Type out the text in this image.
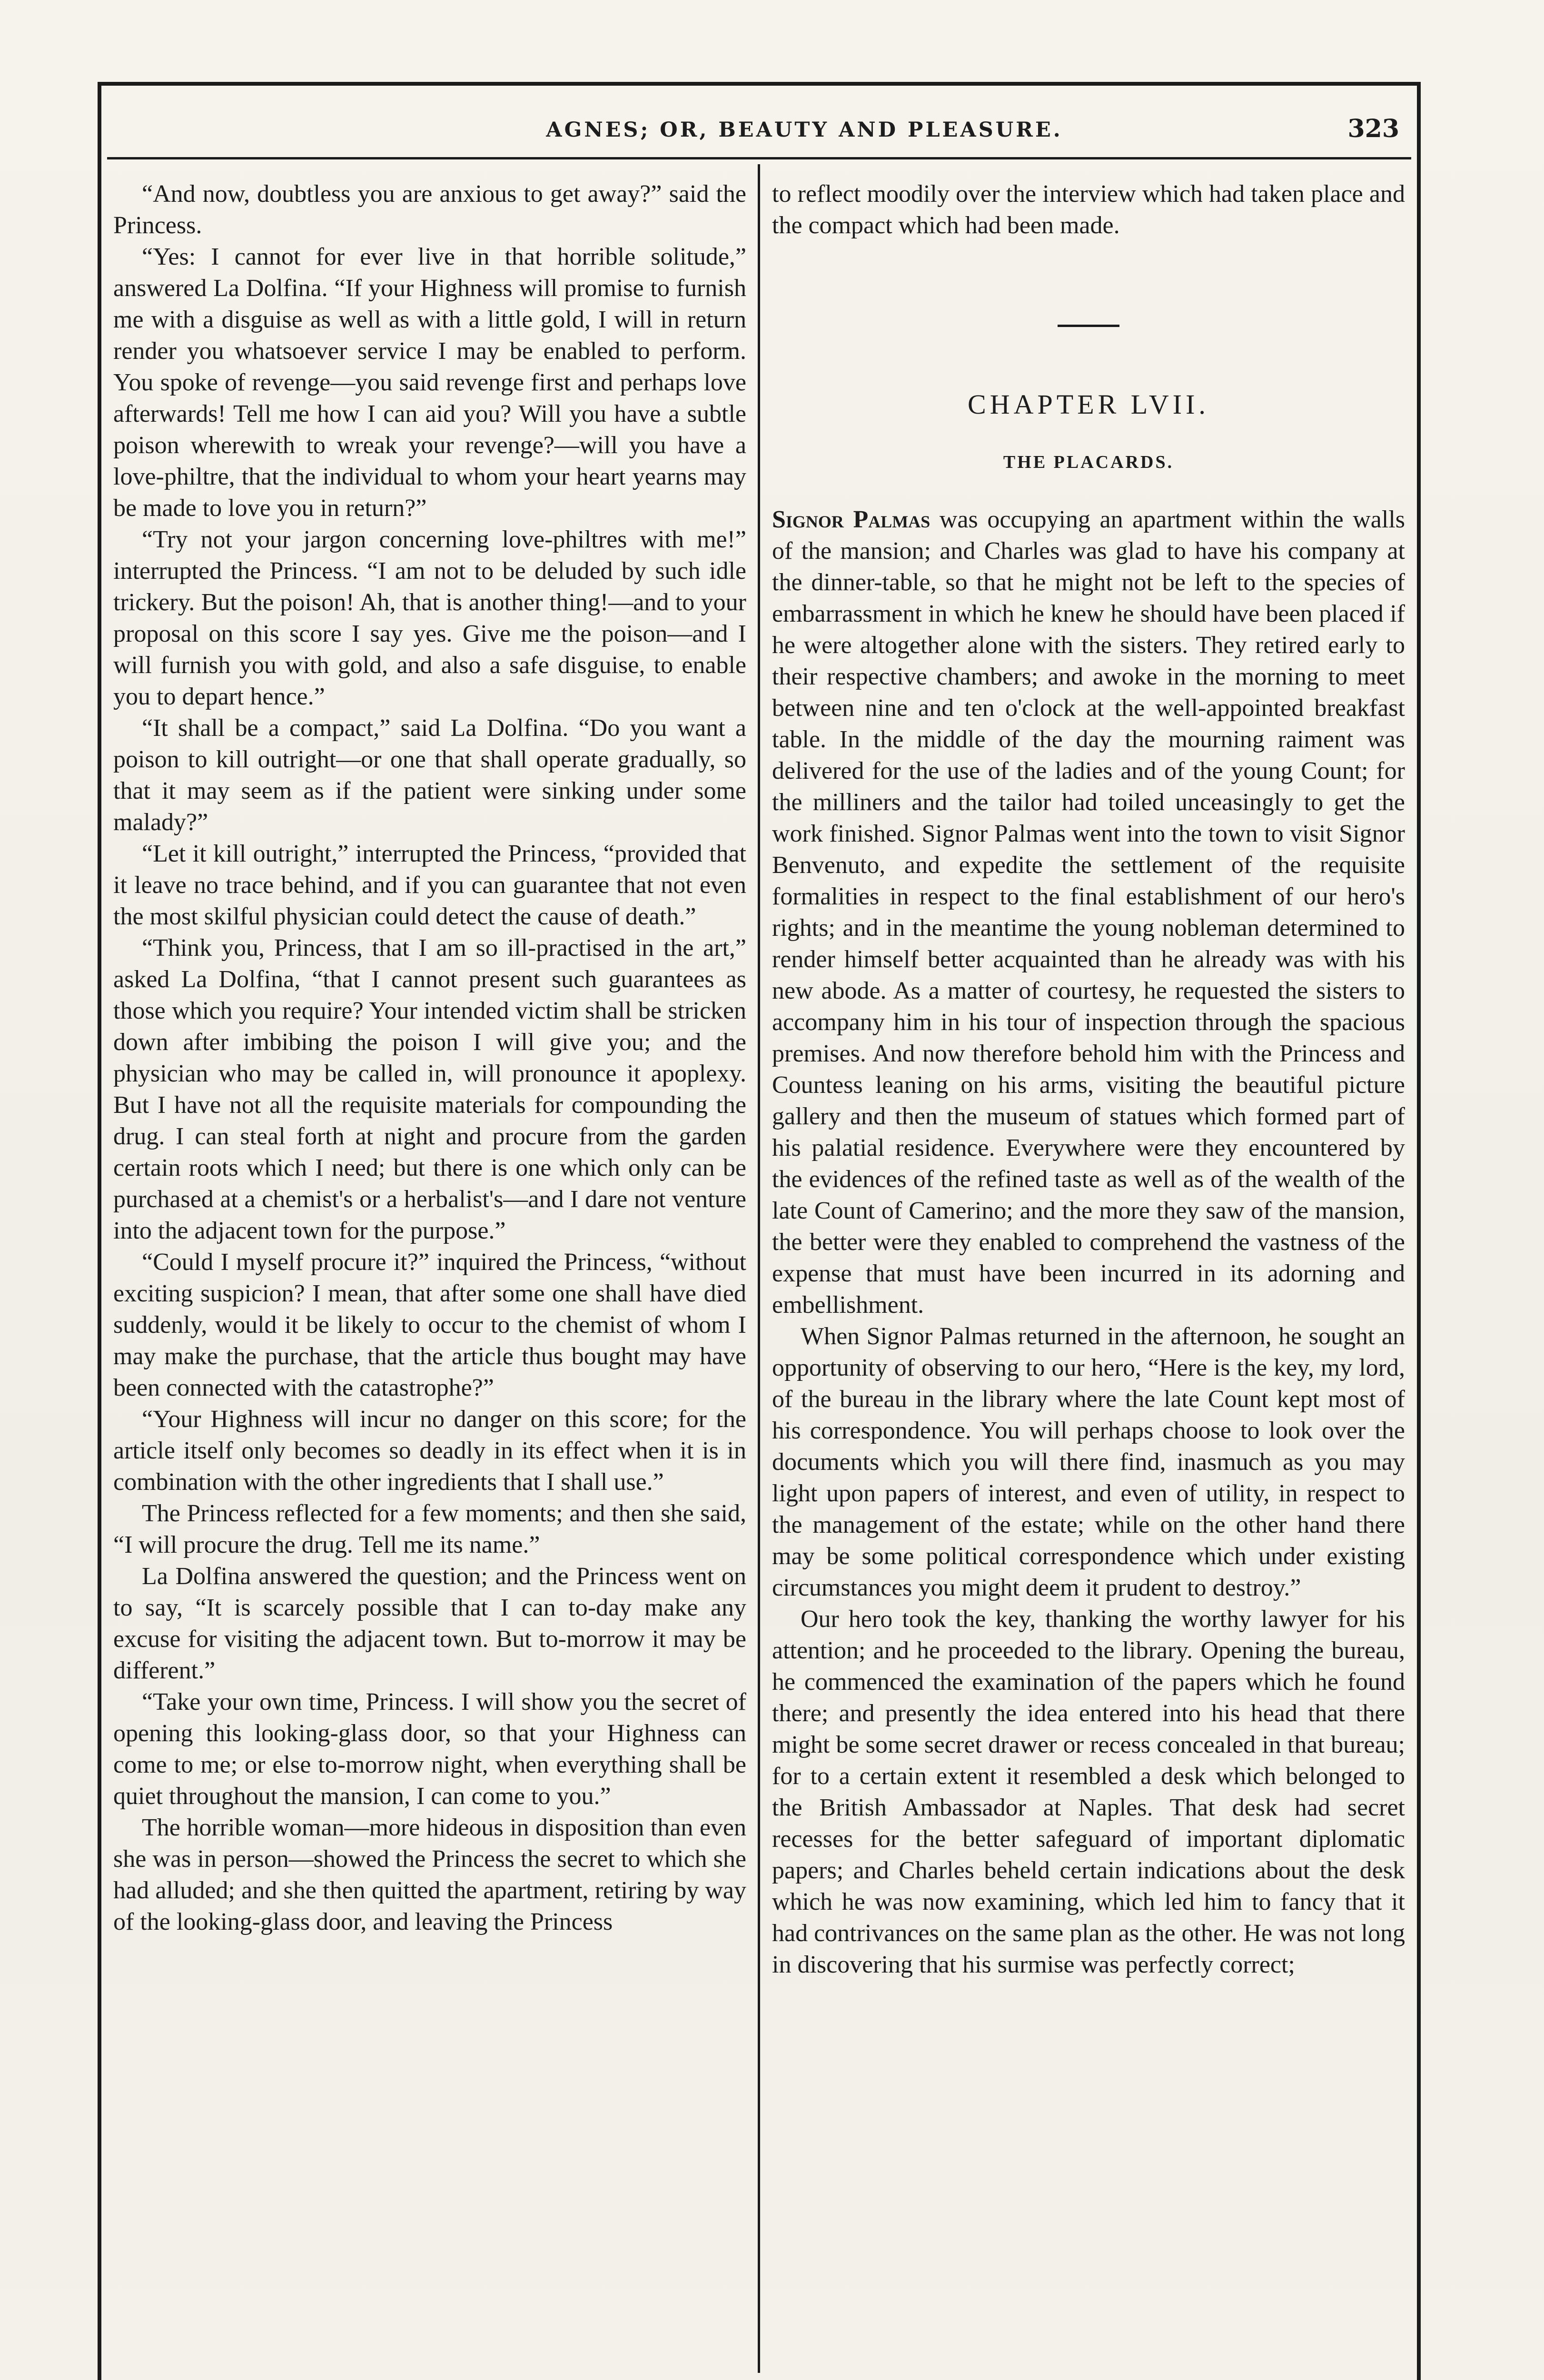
AGNES; OR, BEAUTY AND PLEASURE.	323

“And now, doubtless you are anxious to get away?” said the Princess.

“Yes: I cannot for ever live in that horrible solitude,” answered La Dolfina. “If your Highness will promise to furnish me with a disguise as well as with a little gold, I will in return render you whatsoever service I may be enabled to perform. You spoke of revenge—you said revenge first and perhaps love afterwards! Tell me how I can aid you? Will you have a subtle poison wherewith to wreak your revenge?—will you have a love-philtre, that the individual to whom your heart yearns may be made to love you in return?”

“Try not your jargon concerning love-philtres with me!” interrupted the Princess. “I am not to be deluded by such idle trickery. But the poison! Ah, that is another thing!—and to your proposal on this score I say yes. Give me the poison—and I will furnish you with gold, and also a safe disguise, to enable you to depart hence.”

“It shall be a compact,” said La Dolfina. “Do you want a poison to kill outright—or one that shall operate gradually, so that it may seem as if the patient were sinking under some malady?”

“Let it kill outright,” interrupted the Princess, “provided that it leave no trace behind, and if you can guarantee that not even the most skilful physician could detect the cause of death.”

“Think you, Princess, that I am so ill-practised in the art,” asked La Dolfina, “that I cannot present such guarantees as those which you require? Your intended victim shall be stricken down after imbibing the poison I will give you; and the physician who may be called in, will pronounce it apoplexy. But I have not all the requisite materials for compounding the drug. I can steal forth at night and procure from the garden certain roots which I need; but there is one which only can be purchased at a chemist's or a herbalist's—and I dare not venture into the adjacent town for the purpose.”

“Could I myself procure it?” inquired the Princess, “without exciting suspicion? I mean, that after some one shall have died suddenly, would it be likely to occur to the chemist of whom I may make the purchase, that the article thus bought may have been connected with the catastrophe?”

“Your Highness will incur no danger on this score; for the article itself only becomes so deadly in its effect when it is in combination with the other ingredients that I shall use.”

The Princess reflected for a few moments; and then she said, “I will procure the drug. Tell me its name.”

La Dolfina answered the question; and the Princess went on to say, “It is scarcely possible that I can to-day make any excuse for visiting the adjacent town. But to-morrow it may be different.”

“Take your own time, Princess. I will show you the secret of opening this looking-glass door, so that your Highness can come to me; or else to-morrow night, when everything shall be quiet throughout the mansion, I can come to you.”

The horrible woman—more hideous in disposition than even she was in person—showed the Princess the secret to which she had alluded; and she then quitted the apartment, retiring by way of the looking-glass door, and leaving the Princess

to reflect moodily over the interview which had taken place and the compact which had been made.

CHAPTER LVII.

THE PLACARDS.

Signor Palmas was occupying an apartment within the walls of the mansion; and Charles was glad to have his company at the dinner-table, so that he might not be left to the species of embarrassment in which he knew he should have been placed if he were altogether alone with the sisters. They retired early to their respective chambers; and awoke in the morning to meet between nine and ten o'clock at the well-appointed breakfast table. In the middle of the day the mourning raiment was delivered for the use of the ladies and of the young Count; for the milliners and the tailor had toiled unceasingly to get the work finished. Signor Palmas went into the town to visit Signor Benvenuto, and expedite the settlement of the requisite formalities in respect to the final establishment of our hero's rights; and in the meantime the young nobleman determined to render himself better acquainted than he already was with his new abode. As a matter of courtesy, he requested the sisters to accompany him in his tour of inspection through the spacious premises. And now therefore behold him with the Princess and Countess leaning on his arms, visiting the beautiful picture gallery and then the museum of statues which formed part of his palatial residence. Everywhere were they encountered by the evidences of the refined taste as well as of the wealth of the late Count of Camerino; and the more they saw of the mansion, the better were they enabled to comprehend the vastness of the expense that must have been incurred in its adorning and embellishment.

When Signor Palmas returned in the afternoon, he sought an opportunity of observing to our hero, “Here is the key, my lord, of the bureau in the library where the late Count kept most of his correspondence. You will perhaps choose to look over the documents which you will there find, inasmuch as you may light upon papers of interest, and even of utility, in respect to the management of the estate; while on the other hand there may be some political correspondence which under existing circumstances you might deem it prudent to destroy.”

Our hero took the key, thanking the worthy lawyer for his attention; and he proceeded to the library. Opening the bureau, he commenced the examination of the papers which he found there; and presently the idea entered into his head that there might be some secret drawer or recess concealed in that bureau; for to a certain extent it resembled a desk which belonged to the British Ambassador at Naples. That desk had secret recesses for the better safeguard of important diplomatic papers; and Charles beheld certain indications about the desk which he was now examining, which led him to fancy that it had contrivances on the same plan as the other. He was not long in discovering that his surmise was perfectly correct;
